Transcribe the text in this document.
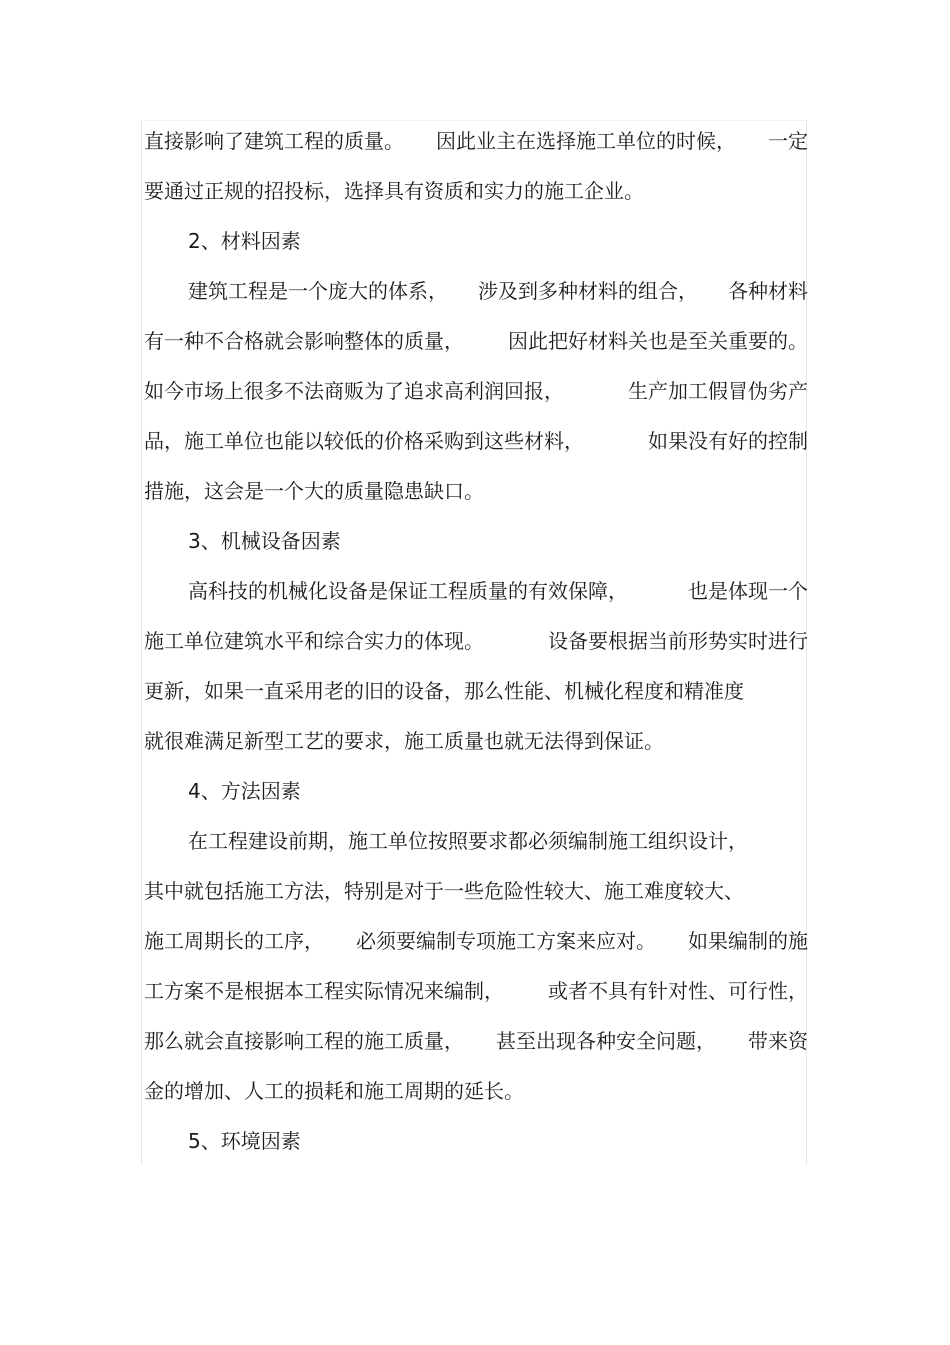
直接影响了建筑工程的质量。 因此业主在选择施工单位的时候， 一定
要通过正规的招投标，选择具有资质和实力的施工企业。
2、材料因素
建筑工程是一个庞大的体系， 涉及到多种材料的组合， 各种材料
有一种不合格就会影响整体的质量， 因此把好材料关也是至关重要的。
如今市场上很多不法商贩为了追求高利润回报，	生产加工假冒伪劣产
品，施工单位也能以较低的价格采购到这些材料，	如果没有好的控制
措施，这会是一个大的质量隐患缺口。
3、机械设备因素
高科技的机械化设备是保证工程质量的有效保障，	也是体现一个
施工单位建筑水平和综合实力的体现。	设备要根据当前形势实时进行
更新，如果一直采用老的旧的设备，那么性能、机械化程度和精准度
就很难满足新型工艺的要求，施工质量也就无法得到保证。
4、方法因素
在工程建设前期，施工单位按照要求都必须编制施工组织设计，
其中就包括施工方法，特别是对于一些危险性较大、施工难度较大、
施工周期长的工序， 必须要编制专项施工方案来应对。 如果编制的施
工方案不是根据本工程实际情况来编制， 或者不具有针对性、可行性，
那么就会直接影响工程的施工质量， 甚至出现各种安全问题， 带来资
金的增加、人工的损耗和施工周期的延长。
5、环境因素
